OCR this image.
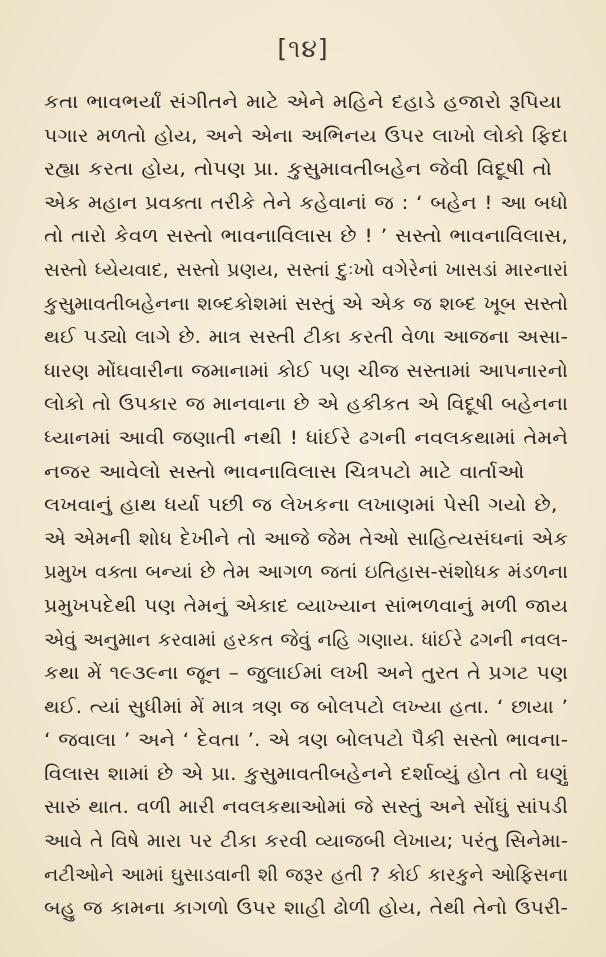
[૧૪]
કતા ભાવભર્યાં સંગીતને માટે એને મહિને દહાડે હજારો રૂપિયા
પગાર મળતો હોય, અને એના અભિનય ઉપર લાખો લોકો ફિદા
રહ્યા કરતા હોય, તોપણ પ્રા. કુસુમાવતીબહેન જેવી વિદૂષી તો
એક મહાન પ્રવક્તા તરીકે તેને કહેવાનાં જ : ‘ બહેન ! આ બધો
તો તારો કેવળ સસ્તો ભાવનાવિલાસ છે ! ’ સસ્તો ભાવનાવિલાસ,
સસ્તો ધ્યેયવાદ, સસ્તો પ્રણય, સસ્તાં દુઃખો વગેરેનાં ખાસડાં મારનારાં
કુસુમાવતીબહેનના શબ્દકોશમાં સસ્તું એ એક જ શબ્દ ખૂબ સસ્તો
થઈ પડ્યો લાગે છે. માત્ર સસ્તી ટીકા કરતી વેળા આજના અસા-
ધારણ મોંઘવારીના જમાનામાં કોઈ પણ ચીજ સસ્તામાં આપનારનો
લોકો તો ઉપકાર જ માનવાના છે એ હકીકત એ વિદૂષી બહેનના
ધ્યાનમાં આવી જણાતી નથી ! ધાંઈરે ઢગની નવલકથામાં તેમને
નજર આવેલો સસ્તો ભાવનાવિલાસ ચિત્રપટો માટે વાર્તાઓ
લખવાનું હાથ ધર્યા પછી જ લેખકના લખાણમાં પેસી ગયો છે,
એ એમની શોધ દેખીને તો આજે જેમ તેઓ સાહિત્યસંઘનાં એક
પ્રમુખ વક્તા બન્યાં છે તેમ આગળ જતાં ઇતિહાસ-સંશોધક મંડળના
પ્રમુખપદેથી પણ તેમનું એકાદ વ્યાખ્યાન સાંભળવાનું મળી જાય
એવું અનુમાન કરવામાં હરકત જેવું નહિ ગણાય. ધાંઈરે ઢગની નવલ-
કથા મેં ૧૯૩૯ના જૂન – જુલાઈમાં લખી અને તુરત તે પ્રગટ પણ
થઈ. ત્યાં સુધીમાં મેં માત્ર ત્રણ જ બોલપટો લખ્યા હતા. ‘ છાયા ’
‘ જવાલા ’ અને ‘ દેવતા ’. એ ત્રણ બોલપટો પૈકી સસ્તો ભાવના-
વિલાસ શામાં છે એ પ્રા. કુસુમાવતીબહેનને દર્શાવ્યું હોત તો ઘણું
સારું થાત. વળી મારી નવલકથાઓમાં જે સસ્તું અને સોંઘું સાંપડી
આવે તે વિષે મારા પર ટીકા કરવી વ્યાજબી લેખાય; પરંતુ સિનેમા-
નટીઓને આમાં ઘુસાડવાની શી જરૂર હતી ? કોઈ કારકુને ઓફિસના
બહુ જ કામના કાગળો ઉપર શાહી ઢોળી હોય, તેથી તેનો ઉપરી-
